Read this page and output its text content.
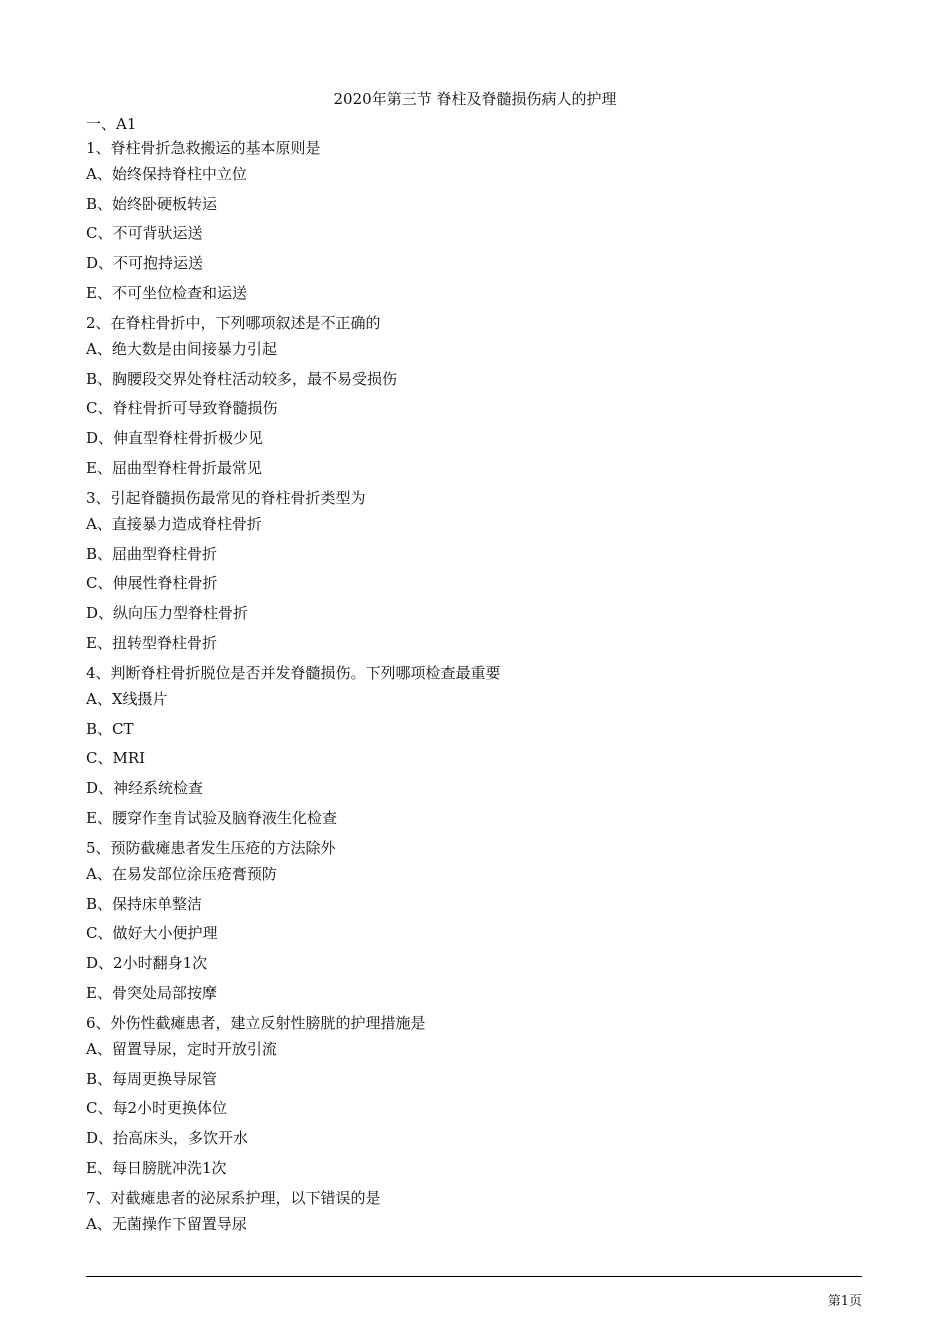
2020年第三节 脊柱及脊髓损伤病人的护理
一、A1
1、脊柱骨折急救搬运的基本原则是
A、始终保持脊柱中立位
B、始终卧硬板转运
C、不可背驮运送
D、不可抱持运送
E、不可坐位检查和运送
2、在脊柱骨折中，下列哪项叙述是不正确的
A、绝大数是由间接暴力引起
B、胸腰段交界处脊柱活动较多，最不易受损伤
C、脊柱骨折可导致脊髓损伤
D、伸直型脊柱骨折极少见
E、屈曲型脊柱骨折最常见
3、引起脊髓损伤最常见的脊柱骨折类型为
A、直接暴力造成脊柱骨折
B、屈曲型脊柱骨折
C、伸展性脊柱骨折
D、纵向压力型脊柱骨折
E、扭转型脊柱骨折
4、判断脊柱骨折脱位是否并发脊髓损伤。下列哪项检查最重要
A、X线摄片
B、CT
C、MRI
D、神经系统检查
E、腰穿作奎肯试验及脑脊液生化检查
5、预防截瘫患者发生压疮的方法除外
A、在易发部位涂压疮膏预防
B、保持床单整洁
C、做好大小便护理
D、2小时翻身1次
E、骨突处局部按摩
6、外伤性截瘫患者，建立反射性膀胱的护理措施是
A、留置导尿，定时开放引流
B、每周更换导尿管
C、每2小时更换体位
D、抬高床头，多饮开水
E、每日膀胱冲洗1次
7、对截瘫患者的泌尿系护理，以下错误的是
A、无菌操作下留置导尿
第1页
